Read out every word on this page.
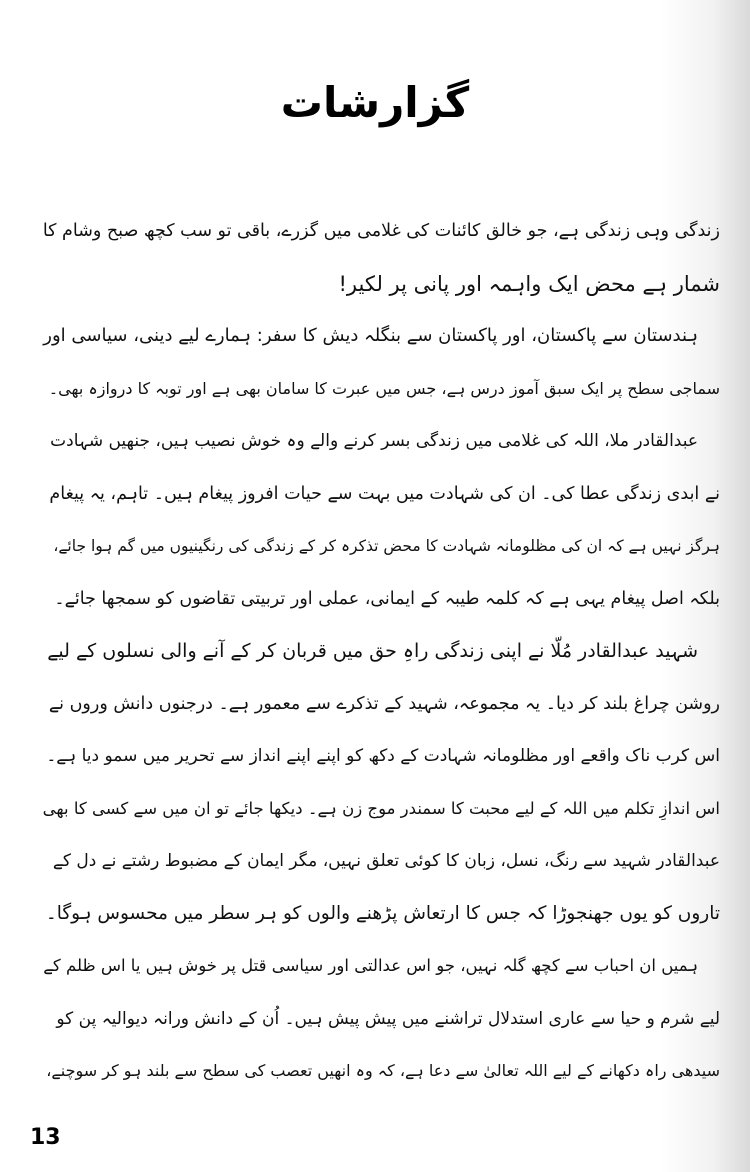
گزارشات
زندگی وہی زندگی ہے، جو خالق کائنات کی غلامی میں گزرے، باقی تو سب کچھ صبح وشام کا
شمار ہے محض ایک واہمہ اور پانی پر لکیر!
ہندستان سے پاکستان، اور پاکستان سے بنگلہ دیش کا سفر: ہمارے لیے دینی، سیاسی اور
سماجی سطح پر ایک سبق آموز درس ہے، جس میں عبرت کا سامان بھی ہے اور توبہ کا دروازہ بھی۔
عبدالقادر ملا، اللہ کی غلامی میں زندگی بسر کرنے والے وہ خوش نصیب ہیں، جنھیں شہادت
نے ابدی زندگی عطا کی۔ ان کی شہادت میں بہت سے حیات افروز پیغام ہیں۔ تاہم، یہ پیغام
ہرگز نہیں ہے کہ ان کی مظلومانہ شہادت کا محض تذکرہ کر کے زندگی کی رنگینیوں میں گم ہوا جائے،
بلکہ اصل پیغام یہی ہے کہ کلمہ طیبہ کے ایمانی، عملی اور تربیتی تقاضوں کو سمجھا جائے۔
شہید عبدالقادر مُلّا نے اپنی زندگی راہِ حق میں قربان کر کے آنے والی نسلوں کے لیے
روشن چراغ بلند کر دیا۔ یہ مجموعہ، شہید کے تذکرے سے معمور ہے۔ درجنوں دانش وروں نے
اس کرب ناک واقعے اور مظلومانہ شہادت کے دکھ کو اپنے اپنے انداز سے تحریر میں سمو دیا ہے۔
اس اندازِ تکلم میں اللہ کے لیے محبت کا سمندر موج زن ہے۔ دیکھا جائے تو ان میں سے کسی کا بھی
عبدالقادر شہید سے رنگ، نسل، زبان کا کوئی تعلق نہیں، مگر ایمان کے مضبوط رشتے نے دل کے
تاروں کو یوں جھنجوڑا کہ جس کا ارتعاش پڑھنے والوں کو ہر سطر میں محسوس ہوگا۔
ہمیں ان احباب سے کچھ گلہ نہیں، جو اس عدالتی اور سیاسی قتل پر خوش ہیں یا اس ظلم کے
لیے شرم و حیا سے عاری استدلال تراشنے میں پیش پیش ہیں۔ اُن کے دانش ورانہ دیوالیہ پن کو
سیدھی راہ دکھانے کے لیے اللہ تعالیٰ سے دعا ہے، کہ وہ انھیں تعصب کی سطح سے بلند ہو کر سوچنے،
13
